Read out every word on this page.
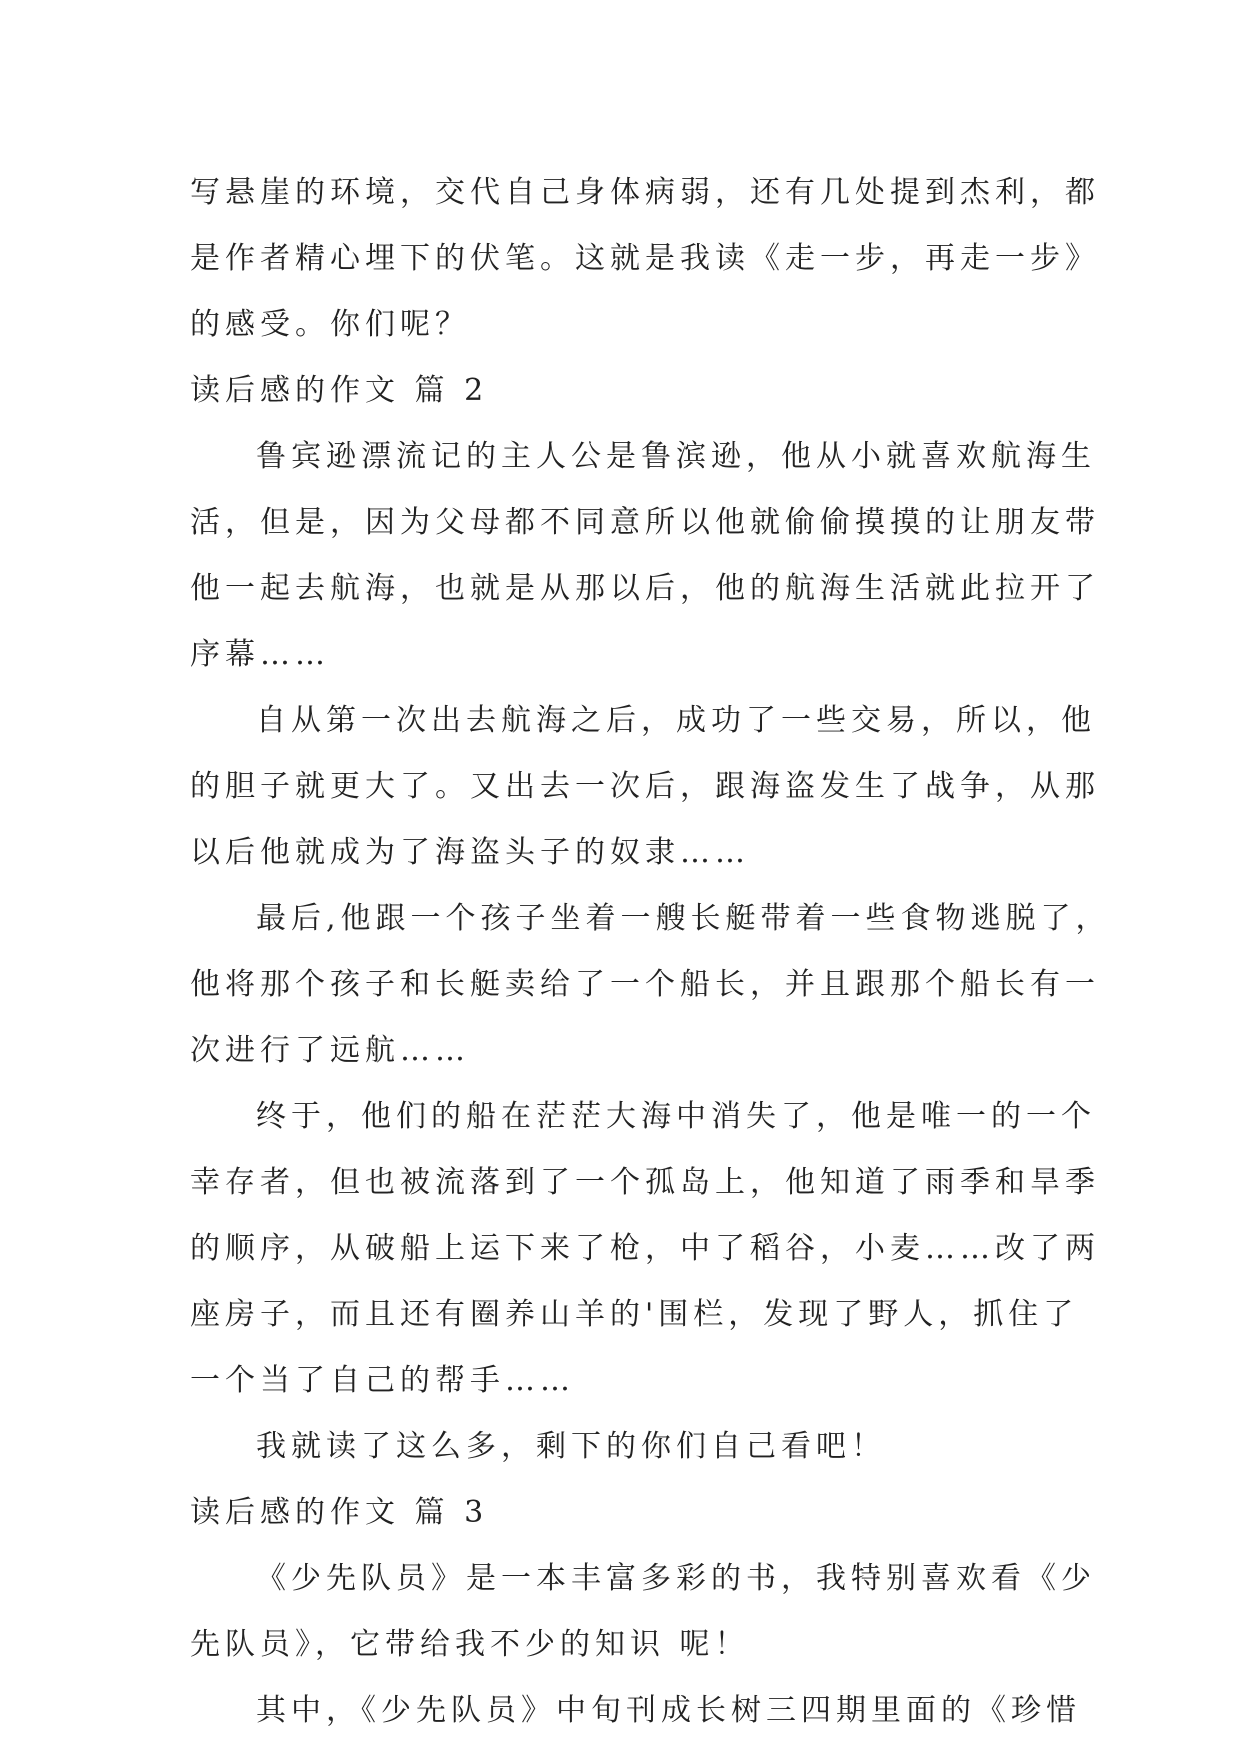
写悬崖的环境，交代自己身体病弱，还有几处提到杰利，都
是作者精心埋下的伏笔。这就是我读《走一步，再走一步》
的感受。你们呢？
读后感的作文 篇 2
鲁宾逊漂流记的主人公是鲁滨逊，他从小就喜欢航海生
活，但是，因为父母都不同意所以他就偷偷摸摸的让朋友带
他一起去航海，也就是从那以后，他的航海生活就此拉开了
序幕……
自从第一次出去航海之后，成功了一些交易，所以，他
的胆子就更大了。又出去一次后，跟海盗发生了战争，从那
以后他就成为了海盗头子的奴隶……
最后,他跟一个孩子坐着一艘长艇带着一些食物逃脱了，
他将那个孩子和长艇卖给了一个船长，并且跟那个船长有一
次进行了远航……
终于，他们的船在茫茫大海中消失了，他是唯一的一个
幸存者，但也被流落到了一个孤岛上，他知道了雨季和旱季
的顺序，从破船上运下来了枪，中了稻谷，小麦……改了两
座房子，而且还有圈养山羊的'围栏，发现了野人，抓住了
一个当了自己的帮手……
我就读了这么多，剩下的你们自己看吧！
读后感的作文 篇 3
《少先队员》是一本丰富多彩的书，我特别喜欢看《少
先队员》，它带给我不少的知识 呢！
其中，《少先队员》中旬刊成长树三四期里面的《珍惜
